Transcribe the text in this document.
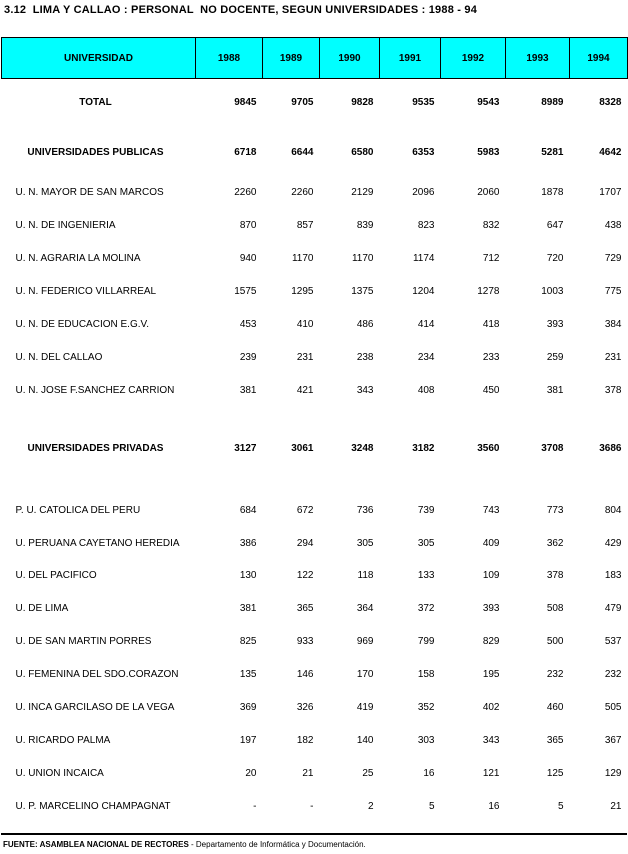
3.12  LIMA Y CALLAO : PERSONAL  NO DOCENTE, SEGUN UNIVERSIDADES : 1988 - 94
UNIVERSIDAD	1988	1989	1990	1991	1992	1993	1994
TOTAL	9845	9705	9828	9535	9543	8989	8328

UNIVERSIDADES PUBLICAS	6718	6644	6580	6353	5983	5281	4642

U. N. MAYOR DE SAN MARCOS	2260	2260	2129	2096	2060	1878	1707
U. N. DE INGENIERIA	870	857	839	823	832	647	438
U. N. AGRARIA LA MOLINA	940	1170	1170	1174	712	720	729
U. N. FEDERICO VILLARREAL	1575	1295	1375	1204	1278	1003	775
U. N. DE EDUCACION E.G.V.	453	410	486	414	418	393	384
U. N. DEL CALLAO	239	231	238	234	233	259	231
U. N. JOSE F.SANCHEZ CARRION	381	421	343	408	450	381	378

UNIVERSIDADES PRIVADAS	3127	3061	3248	3182	3560	3708	3686

P. U. CATOLICA DEL PERU	684	672	736	739	743	773	804
U. PERUANA CAYETANO HEREDIA	386	294	305	305	409	362	429
U. DEL PACIFICO	130	122	118	133	109	378	183
U. DE LIMA	381	365	364	372	393	508	479
U. DE SAN MARTIN PORRES	825	933	969	799	829	500	537
U. FEMENINA DEL SDO.CORAZON	135	146	170	158	195	232	232
U. INCA GARCILASO DE LA VEGA	369	326	419	352	402	460	505
U. RICARDO PALMA	197	182	140	303	343	365	367
U. UNION INCAICA	20	21	25	16	121	125	129
U. P. MARCELINO CHAMPAGNAT	-	-	2	5	16	5	21
FUENTE: ASAMBLEA NACIONAL DE RECTORES - Departamento de Informática y Documentación.
